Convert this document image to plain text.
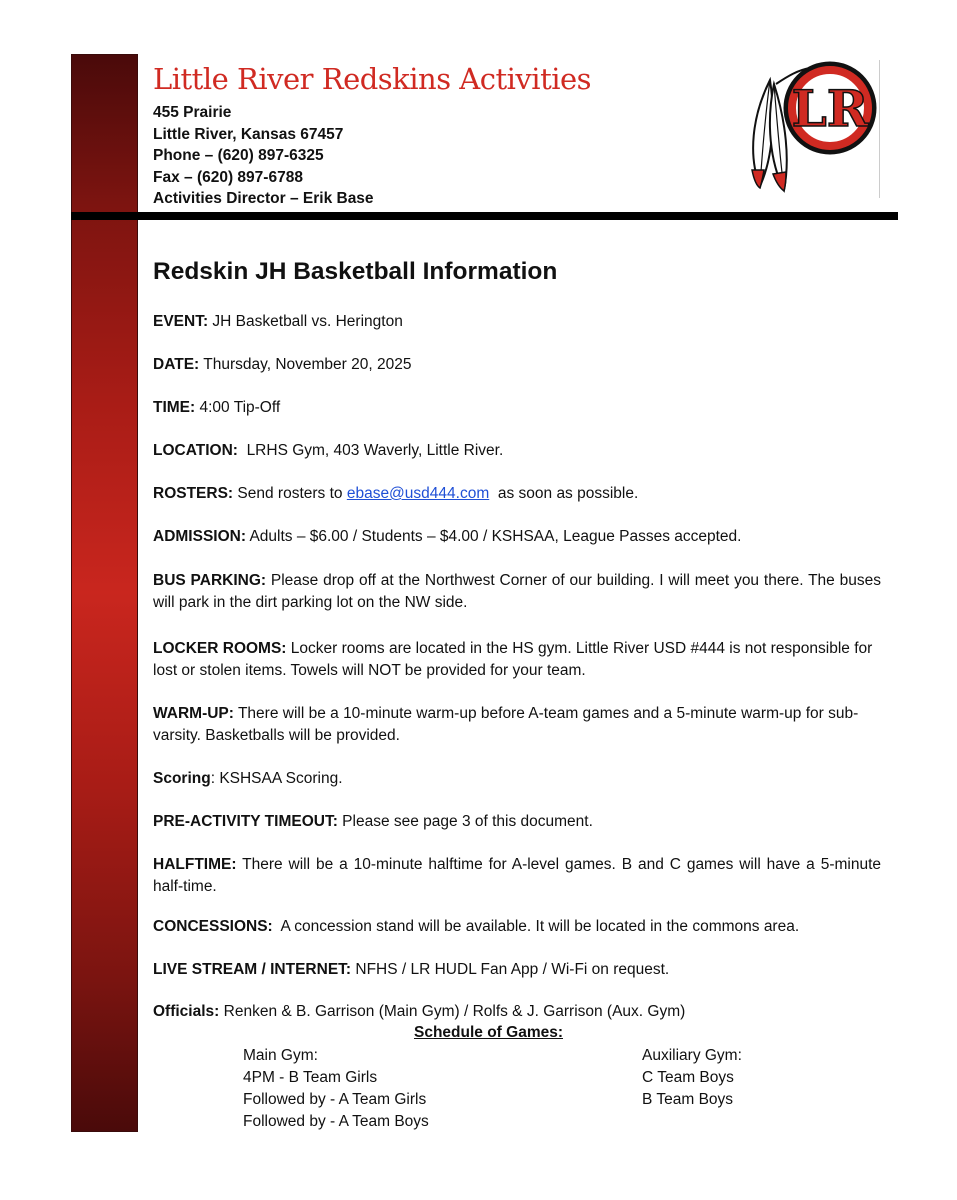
Little River Redskins Activities
455 Prairie
Little River, Kansas 67457
Phone – (620) 897-6325
Fax – (620) 897-6788
Activities Director – Erik Base
LR
Redskin JH Basketball Information

EVENT: JH Basketball vs. Herington

DATE: Thursday, November 20, 2025

TIME: 4:00 Tip-Off

LOCATION:  LRHS Gym, 403 Waverly, Little River.

ROSTERS: Send rosters to ebase@usd444.com  as soon as possible.

ADMISSION: Adults – $6.00 / Students – $4.00 / KSHSAA, League Passes accepted.

BUS PARKING: Please drop off at the Northwest Corner of our building. I will meet you there. The buses will park in the dirt parking lot on the NW side.

LOCKER ROOMS: Locker rooms are located in the HS gym. Little River USD #444 is not responsible for lost or stolen items. Towels will NOT be provided for your team.

WARM-UP: There will be a 10-minute warm-up before A-team games and a 5-minute warm-up for sub-varsity. Basketballs will be provided.

Scoring: KSHSAA Scoring.

PRE-ACTIVITY TIMEOUT: Please see page 3 of this document.

HALFTIME: There will be a 10-minute halftime for A-level games. B and C games will have a 5-minute half-time.

CONCESSIONS:  A concession stand will be available. It will be located in the commons area.

LIVE STREAM / INTERNET: NFHS / LR HUDL Fan App / Wi-Fi on request.

Officials: Renken & B. Garrison (Main Gym) / Rolfs & J. Garrison (Aux. Gym)

Schedule of Games:

Main Gym:
4PM - B Team Girls
Followed by - A Team Girls
Followed by - A Team Boys
Auxiliary Gym:
C Team Boys
B Team Boys
